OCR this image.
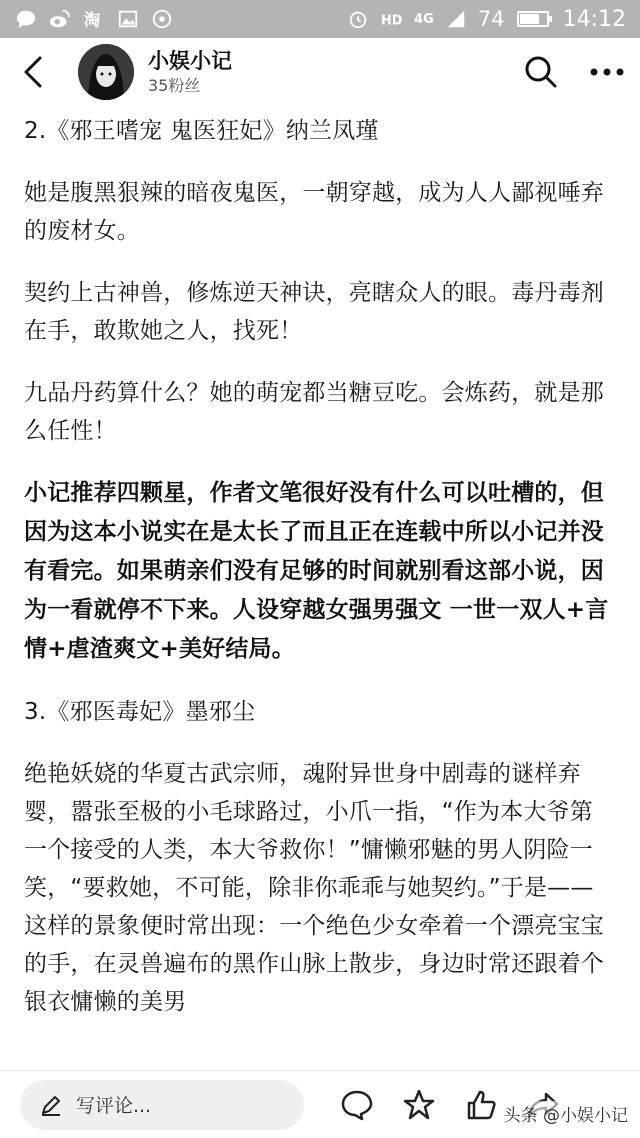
淘	HD 4G 74	14:12
小娱小记
35粉丝

2.《邪王嗜宠 鬼医狂妃》纳兰凤瑾

她是腹黑狠辣的暗夜鬼医，一朝穿越，成为人人鄙视唾弃的废材女。

契约上古神兽，修炼逆天神诀，亮瞎众人的眼。毒丹毒剂在手，敢欺她之人，找死！

九品丹药算什么？她的萌宠都当糖豆吃。会炼药，就是那么任性！

小记推荐四颗星，作者文笔很好没有什么可以吐槽的，但因为这本小说实在是太长了而且正在连载中所以小记并没有看完。如果萌亲们没有足够的时间就别看这部小说，因为一看就停不下来。人设穿越女强男强文 一世一双人+言情+虐渣爽文+美好结局。

3.《邪医毒妃》墨邪尘

绝艳妖娆的华夏古武宗师，魂附异世身中剧毒的谜样弃婴，嚣张至极的小毛球路过，小爪一指，“作为本大爷第一个接受的人类，本大爷救你！”慵懒邪魅的男人阴险一笑，“要救她，不可能，除非你乖乖与她契约。”于是——这样的景象便时常出现：一个绝色少女牵着一个漂亮宝宝的手，在灵兽遍布的黑作山脉上散步，身边时常还跟着个银衣慵懒的美男

写评论...	头条 @小娱小记
